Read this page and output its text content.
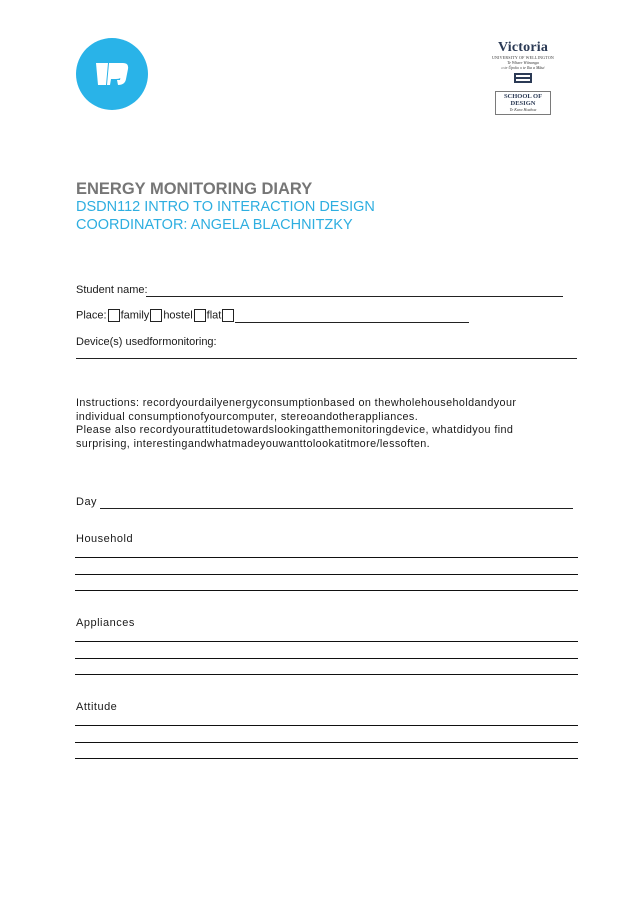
Victoria
UNIVERSITY OF WELLINGTON
Te Whare Wānanga
o te Ūpoko o te Ika a Māui
SCHOOL OF
DESIGN
Te Kura Hoahoa
ENERGY MONITORING DIARY
DSDN112 INTRO TO INTERACTION DESIGN
COORDINATOR: ANGELA BLACHNITZKY
Student name:
Place: family hostel flat
Device(s) usedformonitoring:
Instructions: recordyourdailyenergyconsumptionbased on thewholehouseholdandyour
individual consumptionofyourcomputer, stereoandotherappliances.
Please also recordyourattitudetowardslookingatthemonitoringdevice, whatdidyou find
surprising, interestingandwhatmadeyouwanttolookatitmore/lessoften.
Day
Household
Appliances
Attitude
